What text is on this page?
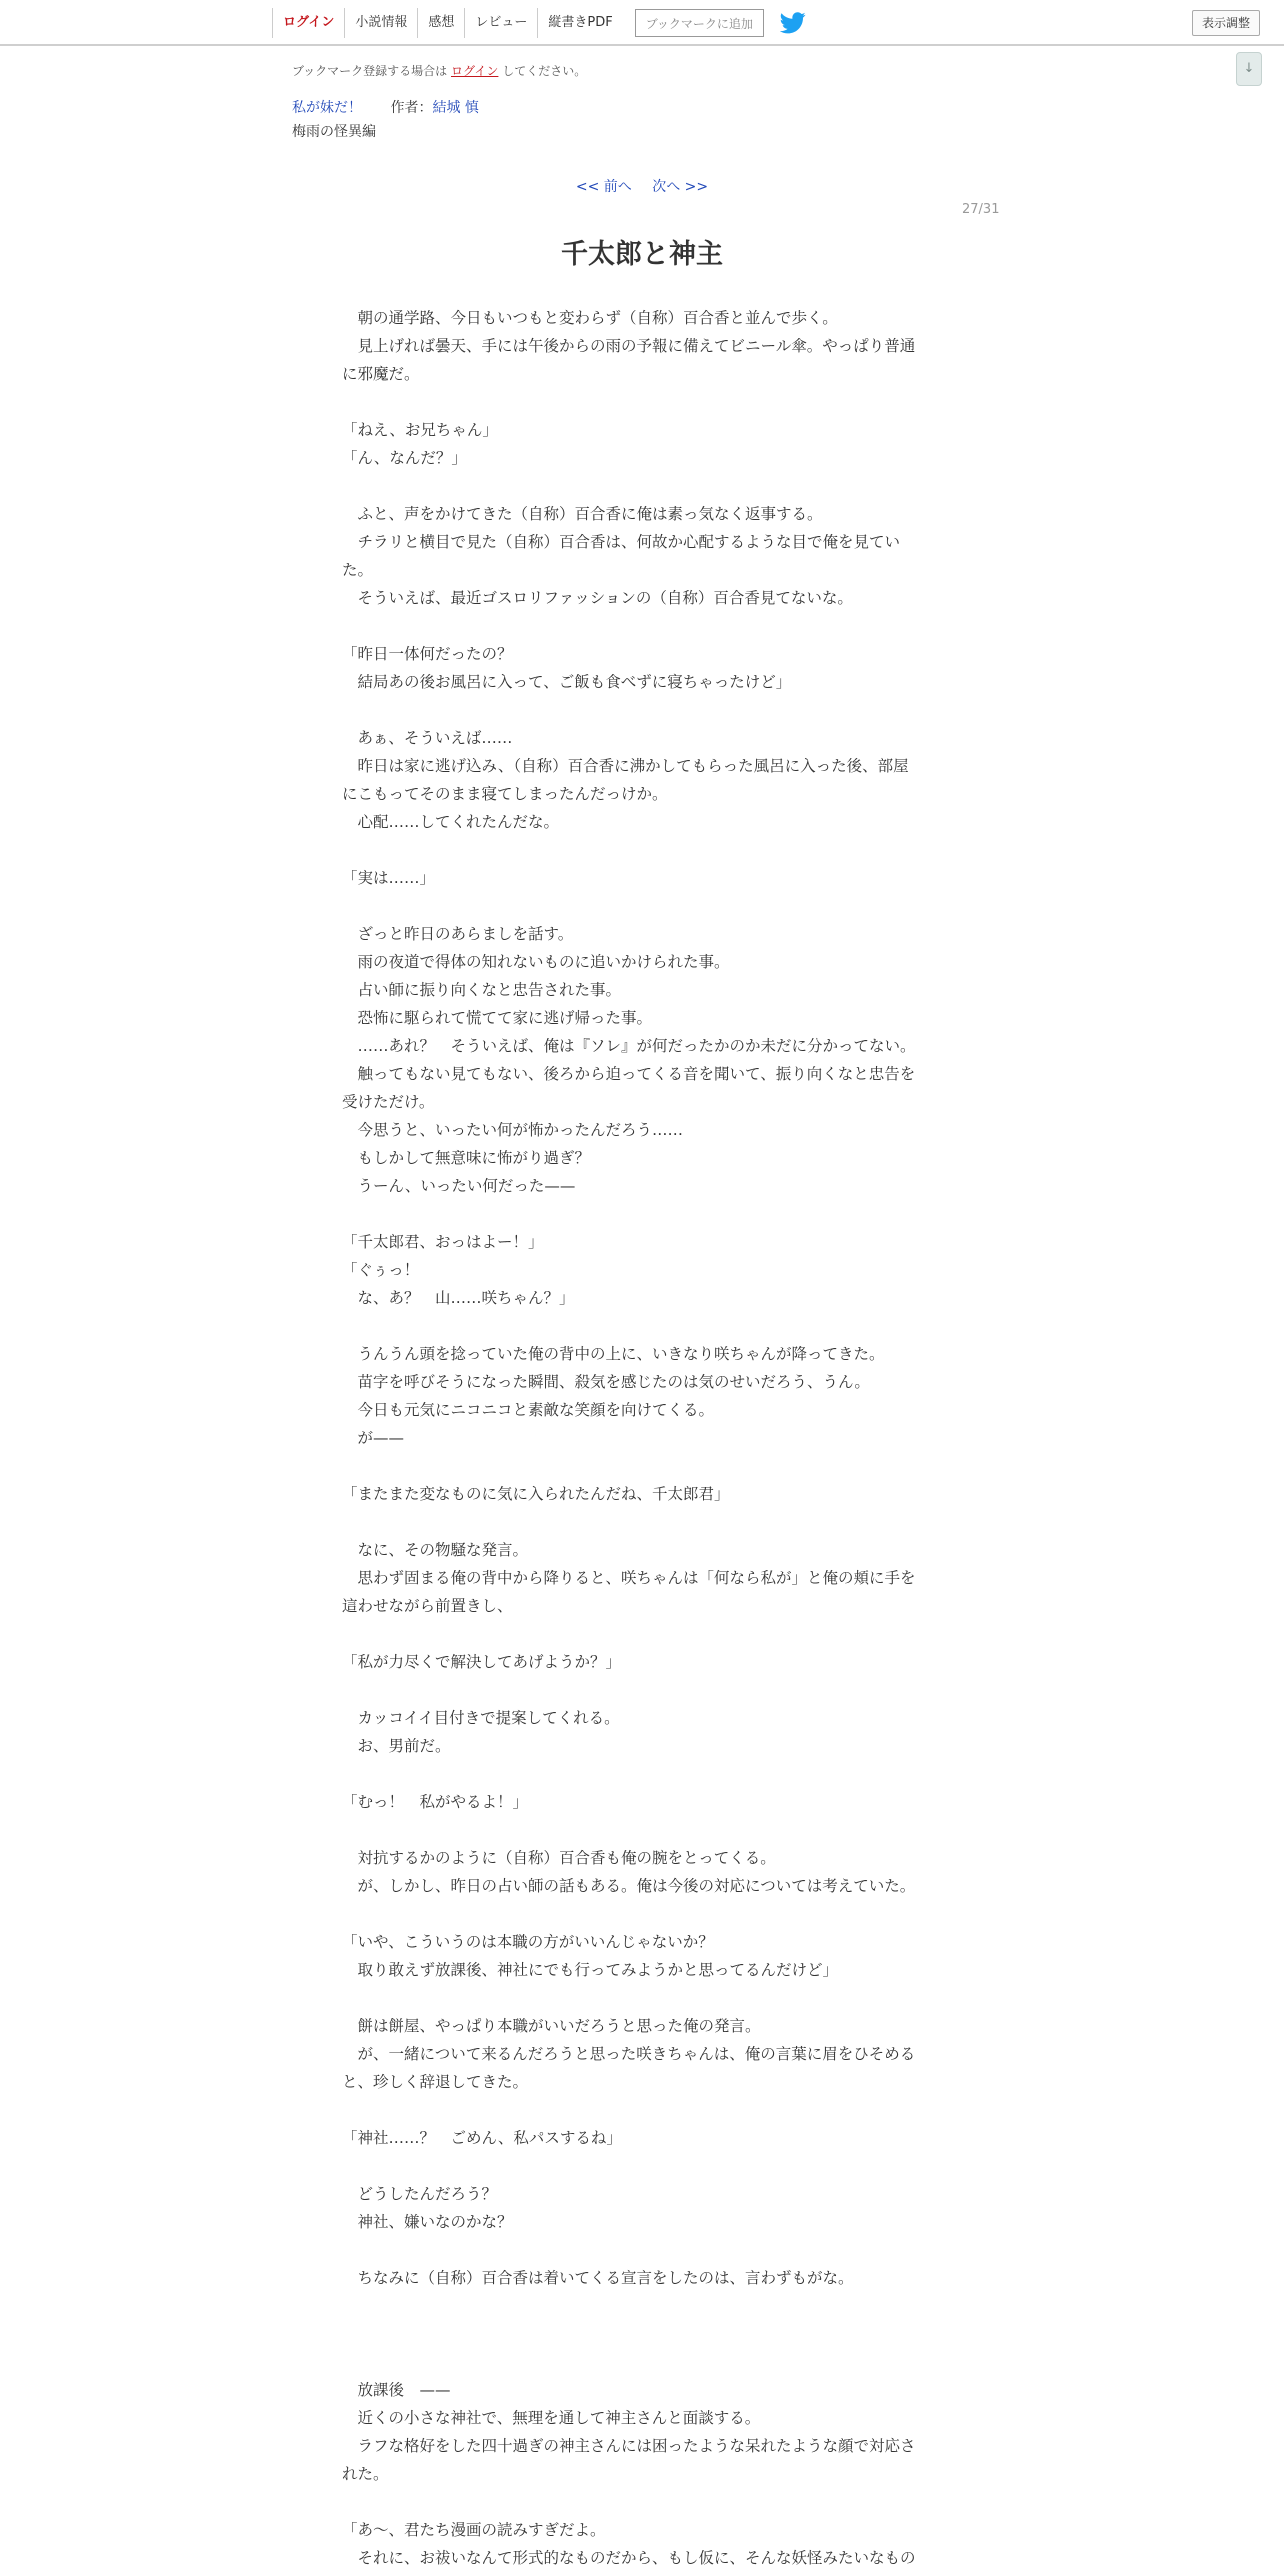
ログイン	小説情報	感想	レビュー	縦書きPDF	ブックマークに追加	表示調整
↓
ブックマーク登録する場合は ログイン してください。
私が妹だ！ 作者：結城 慎
梅雨の怪異編
<< 前へ 次へ >>
27/31
千太郎と神主

　朝の通学路、今日もいつもと変わらず（自称）百合香と並んで歩く。

　見上げれば曇天、手には午後からの雨の予報に備えてビニール傘。やっぱり普通

に邪魔だ。

「ねえ、お兄ちゃん」

「ん、なんだ？」

　ふと、声をかけてきた（自称）百合香に俺は素っ気なく返事する。

　チラリと横目で見た（自称）百合香は、何故か心配するような目で俺を見てい

た。

　そういえば、最近ゴスロリファッションの（自称）百合香見てないな。

「昨日一体何だったの？

　結局あの後お風呂に入って、ご飯も食べずに寝ちゃったけど」

　あぁ、そういえば……

　昨日は家に逃げ込み、（自称）百合香に沸かしてもらった風呂に入った後、部屋

にこもってそのまま寝てしまったんだっけか。

　心配……してくれたんだな。

「実は……」

　ざっと昨日のあらましを話す。

　雨の夜道で得体の知れないものに追いかけられた事。

　占い師に振り向くなと忠告された事。

　恐怖に駆られて慌てて家に逃げ帰った事。

　……あれ？　そういえば、俺は『ソレ』が何だったかのか未だに分かってない。

　触ってもない見てもない、後ろから迫ってくる音を聞いて、振り向くなと忠告を

受けただけ。

　今思うと、いったい何が怖かったんだろう……

　もしかして無意味に怖がり過ぎ？

　うーん、いったい何だった——

「千太郎君、おっはよー！」

「ぐぅっ！

　な、あ？　山……咲ちゃん？」

　うんうん頭を捻っていた俺の背中の上に、いきなり咲ちゃんが降ってきた。

　苗字を呼びそうになった瞬間、殺気を感じたのは気のせいだろう、うん。

　今日も元気にニコニコと素敵な笑顔を向けてくる。

　が——

「またまた変なものに気に入られたんだね、千太郎君」

　なに、その物騒な発言。

　思わず固まる俺の背中から降りると、咲ちゃんは「何なら私が」と俺の頬に手を

這わせながら前置きし、

「私が力尽くで解決してあげようか？」

　カッコイイ目付きで提案してくれる。

　お、男前だ。

「むっ！　私がやるよ！」

　対抗するかのように（自称）百合香も俺の腕をとってくる。

　が、しかし、昨日の占い師の話もある。俺は今後の対応については考えていた。

「いや、こういうのは本職の方がいいんじゃないか？

　取り敢えず放課後、神社にでも行ってみようかと思ってるんだけど」

　餅は餅屋、やっぱり本職がいいだろうと思った俺の発言。

　が、一緒について来るんだろうと思った咲きちゃんは、俺の言葉に眉をひそめる

と、珍しく辞退してきた。

「神社……？　ごめん、私パスするね」

　どうしたんだろう？

　神社、嫌いなのかな？

　ちなみに（自称）百合香は着いてくる宣言をしたのは、言わずもがな。

　放課後　——

　近くの小さな神社で、無理を通して神主さんと面談する。

　ラフな格好をした四十過ぎの神主さんには困ったような呆れたような顔で対応さ

れた。

「あ～、君たち漫画の読みすぎだよ。

　それに、お祓いなんて形式的なものだから、もし仮に、そんな妖怪みたいなもの
